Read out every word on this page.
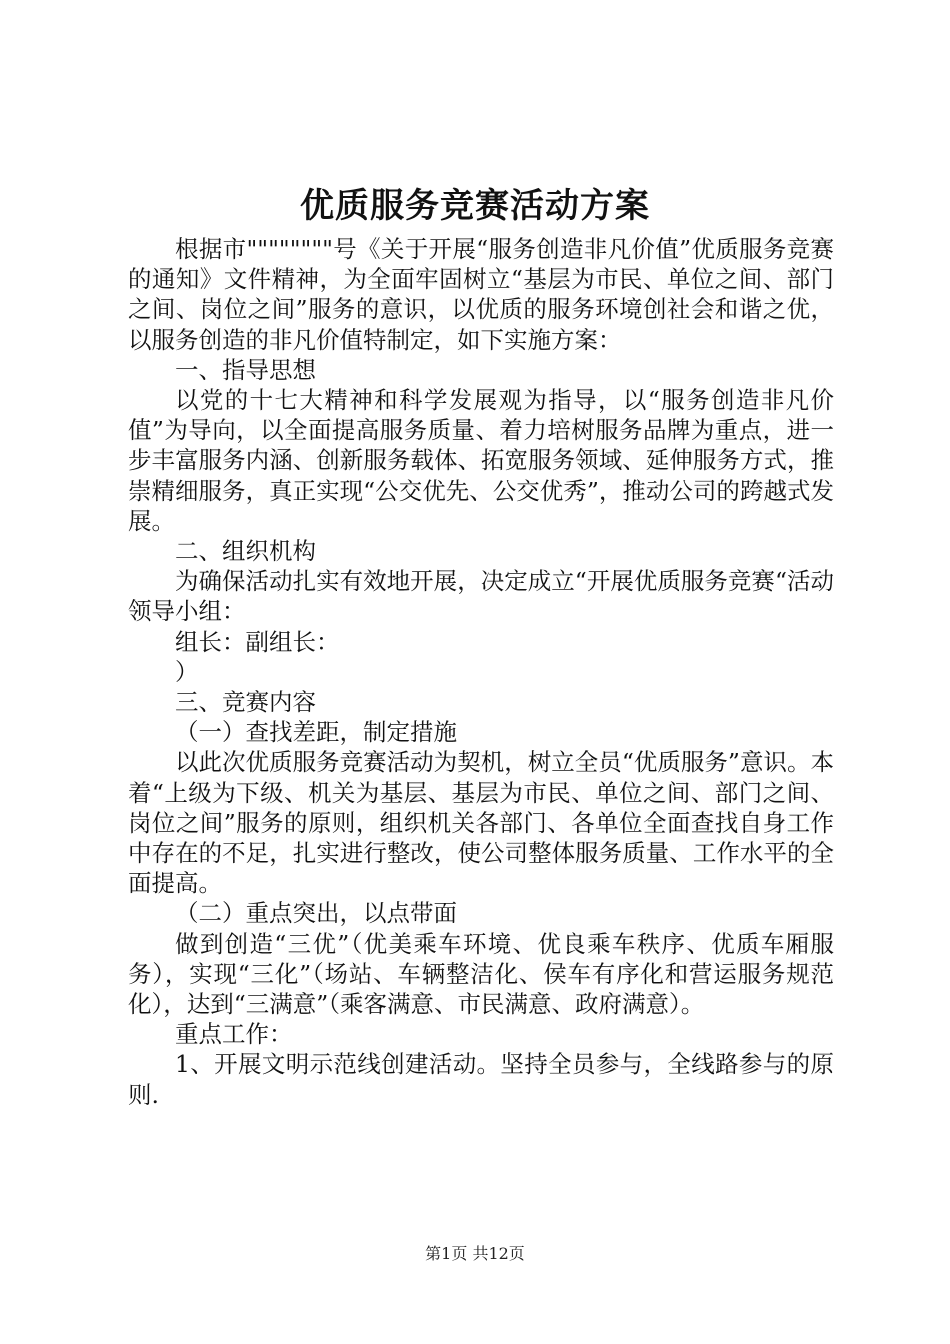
优质服务竞赛活动方案

根据市""""""""号《关于开展“服务创造非凡价值”优质服务竞赛的通知》文件精神，为全面牢固树立“基层为市民、单位之间、部门之间、岗位之间”服务的意识，以优质的服务环境创社会和谐之优，以服务创造的非凡价值特制定，如下实施方案：

一、指导思想

以党的十七大精神和科学发展观为指导，以“服务创造非凡价值”为导向，以全面提高服务质量、着力培树服务品牌为重点，进一步丰富服务内涵、创新服务载体、拓宽服务领域、延伸服务方式，推崇精细服务，真正实现“公交优先、公交优秀”，推动公司的跨越式发展。

二、组织机构

为确保活动扎实有效地开展，决定成立“开展优质服务竞赛“活动领导小组：

组长：副组长：

）

三、竞赛内容

（一）查找差距，制定措施

以此次优质服务竞赛活动为契机，树立全员“优质服务”意识。本着“上级为下级、机关为基层、基层为市民、单位之间、部门之间、岗位之间”服务的原则，组织机关各部门、各单位全面查找自身工作中存在的不足，扎实进行整改，使公司整体服务质量、工作水平的全面提高。

（二）重点突出，以点带面

做到创造“三优”（优美乘车环境、优良乘车秩序、优质车厢服务），实现“三化”（场站、车辆整洁化、侯车有序化和营运服务规范化），达到“三满意”（乘客满意、市民满意、政府满意）。

重点工作：

1、开展文明示范线创建活动。坚持全员参与，全线路参与的原则.

第1页 共12页
